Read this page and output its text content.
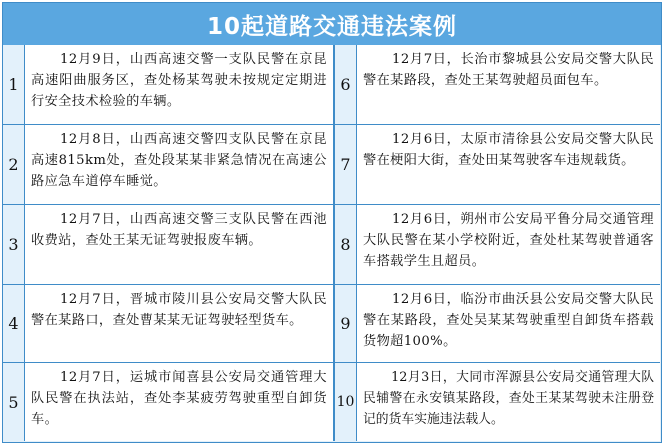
10起道路交通违法案例
1
12月9日，山西高速交警一支队民警在京昆高速阳曲服务区，查处杨某驾驶未按规定定期进行安全技术检验的车辆。
2
12月8日，山西高速交警四支队民警在京昆高速815km处，查处段某某非紧急情况在高速公路应急车道停车睡觉。
3
12月7日，山西高速交警三支队民警在西池收费站，查处王某无证驾驶报废车辆。
4
12月7日，晋城市陵川县公安局交警大队民警在某路口，查处曹某某无证驾驶轻型货车。
5
12月7日，运城市闻喜县公安局交通管理大队民警在执法站，查处李某疲劳驾驶重型自卸货车。
6
12月7日，长治市黎城县公安局交警大队民警在某路段，查处王某驾驶超员面包车。
7
12月6日，太原市清徐县公安局交警大队民警在梗阳大街，查处田某驾驶客车违规载货。
8
12月6日，朔州市公安局平鲁分局交通管理大队民警在某小学校附近，查处杜某驾驶普通客车搭载学生且超员。
9
12月6日，临汾市曲沃县公安局交警大队民警在某路段，查处吴某某驾驶重型自卸货车搭载货物超100%。
10
12月3日，大同市浑源县公安局交通管理大队民辅警在永安镇某路段，查处王某某驾驶未注册登记的货车实施违法载人。
